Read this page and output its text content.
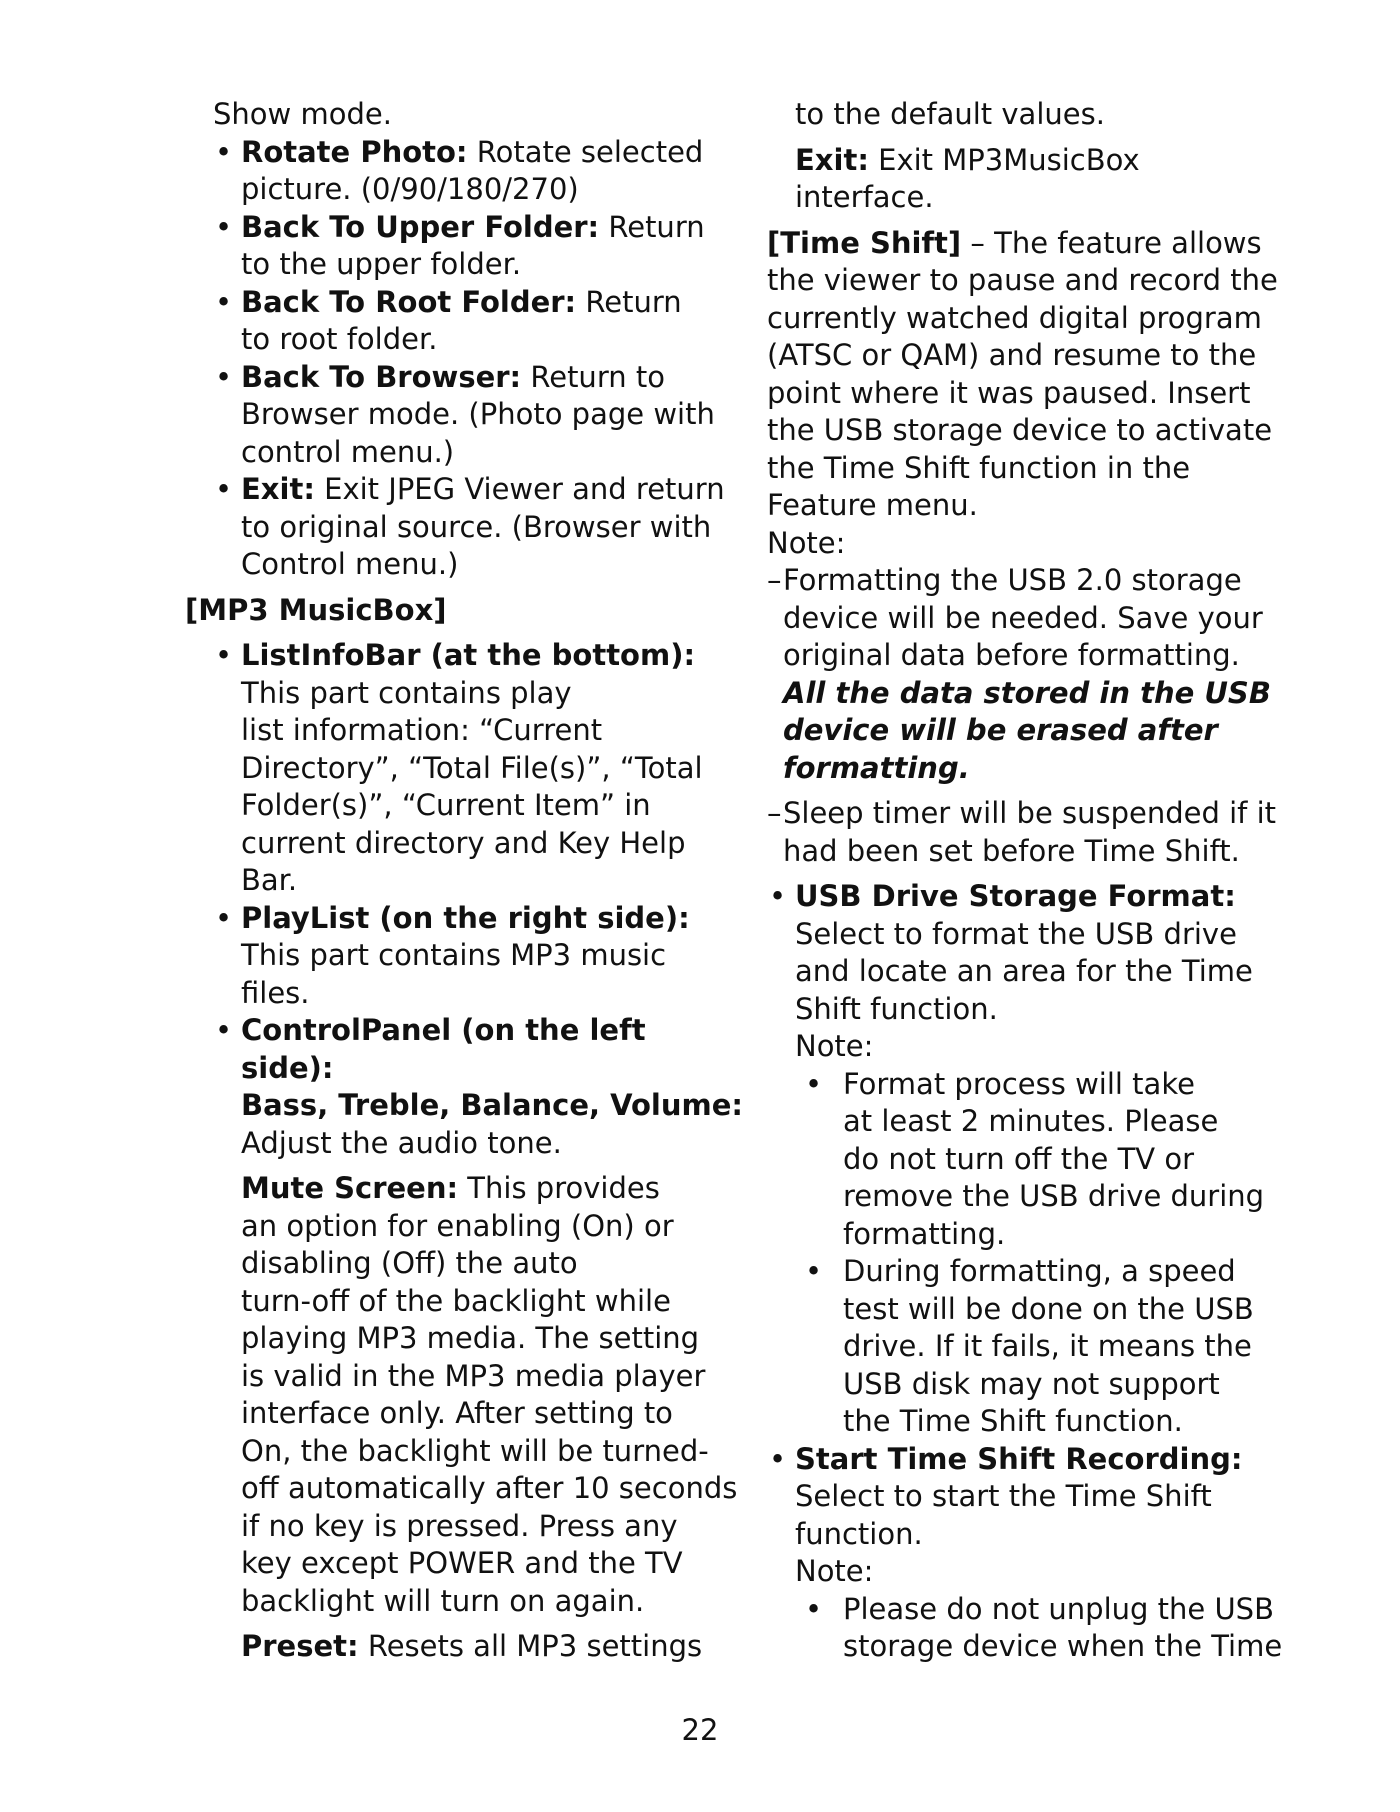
Show mode.
• Rotate Photo: Rotate selected
picture. (0/90/180/270)
• Back To Upper Folder: Return
to the upper folder.
• Back To Root Folder: Return
to root folder.
• Back To Browser: Return to
Browser mode. (Photo page with
control menu.)
• Exit: Exit JPEG Viewer and return
to original source. (Browser with
Control menu.)
[MP3 MusicBox]
• ListInfoBar (at the bottom):
This part contains play
list information: “Current
Directory”, “Total File(s)”, “Total
Folder(s)”, “Current Item” in
current directory and Key Help
Bar.
• PlayList (on the right side):
This part contains MP3 music
files.
• ControlPanel (on the left
side):
Bass, Treble, Balance, Volume:
Adjust the audio tone.
Mute Screen: This provides
an option for enabling (On) or
disabling (Off) the auto
turn-off of the backlight while
playing MP3 media. The setting
is valid in the MP3 media player
interface only. After setting to
On, the backlight will be turned-
off automatically after 10 seconds
if no key is pressed. Press any
key except POWER and the TV
backlight will turn on again.
Preset: Resets all MP3 settings
to the default values.
Exit: Exit MP3MusicBox
interface.
[Time Shift] – The feature allows
the viewer to pause and record the
currently watched digital program
(ATSC or QAM) and resume to the
point where it was paused. Insert
the USB storage device to activate
the Time Shift function in the
Feature menu.
Note:
– Formatting the USB 2.0 storage
device will be needed. Save your
original data before formatting.
All the data stored in the USB
device will be erased after
formatting.
– Sleep timer will be suspended if it
had been set before Time Shift.
• USB Drive Storage Format:
Select to format the USB drive
and locate an area for the Time
Shift function.
Note:
• Format process will take
at least 2 minutes. Please
do not turn off the TV or
remove the USB drive during
formatting.
• During formatting, a speed
test will be done on the USB
drive. If it fails, it means the
USB disk may not support
the Time Shift function.
• Start Time Shift Recording:
Select to start the Time Shift
function.
Note:
• Please do not unplug the USB
storage device when the Time
22
